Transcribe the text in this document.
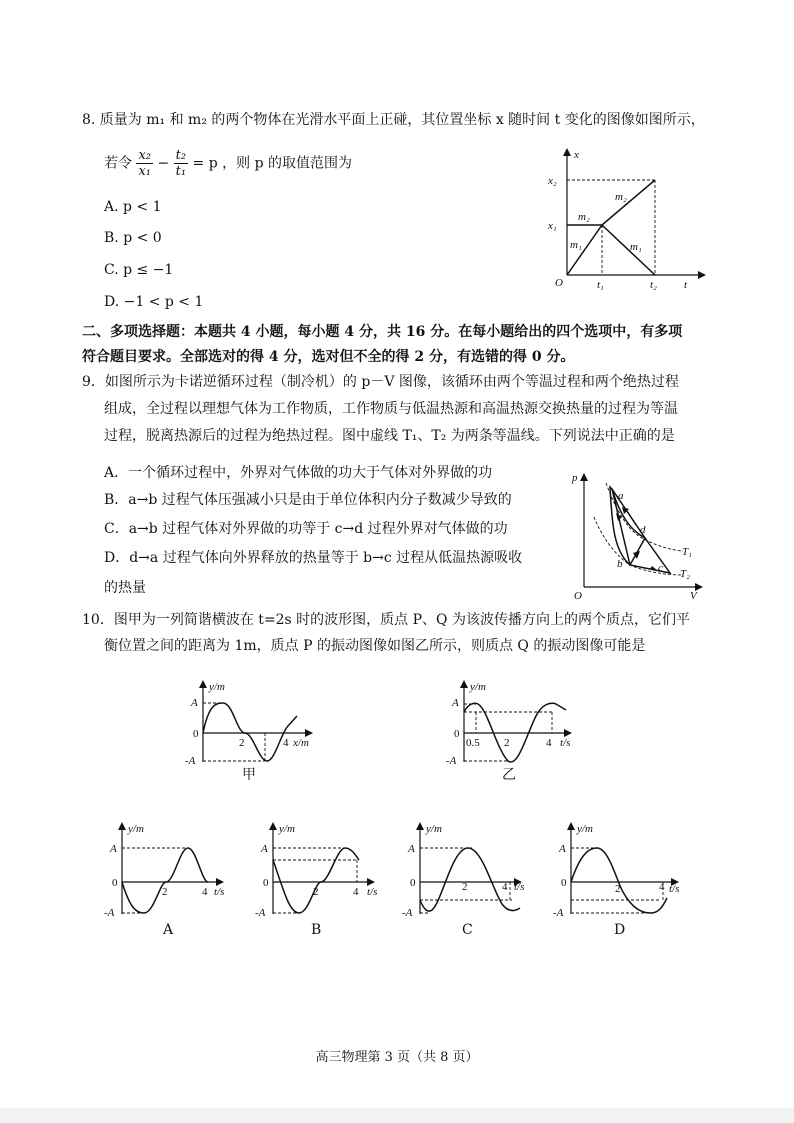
8. 质量为 m₁ 和 m₂ 的两个物体在光滑水平面上正碰，其位置坐标 x 随时间 t 变化的图像如图所示，
若令 $\frac{\text{x₂}}{\text{x₁}} - \frac{\text{t₂}}{\text{t₁}} = p$ ，则 p 的取值范围为
A. p < 1
B. p < 0
C. p ≤ −1
D. −1 < p < 1
x
t
O
x₂
x₁
t₁	t₂
m₂
m₂
m₁	m₁
二、多项选择题：本题共 4 小题，每小题 4 分，共 16 分。在每小题给出的四个选项中，有多项
符合题目要求。全部选对的得 4 分，选对但不全的得 2 分，有选错的得 0 分。
9．如图所示为卡诺逆循环过程（制冷机）的 p－V 图像，该循环由两个等温过程和两个绝热过程
组成，全过程以理想气体为工作物质，工作物质与低温热源和高温热源交换热量的过程为等温
过程，脱离热源后的过程为绝热过程。图中虚线 T₁、T₂ 为两条等温线。下列说法中正确的是
A．一个循环过程中，外界对气体做的功大于气体对外界做的功
B．a→b 过程气体压强减小只是由于单位体积内分子数减少导致的
C．a→b 过程气体对外界做的功等于 c→d 过程外界对气体做的功
D．d→a 过程气体向外界释放的热量等于 b→c 过程从低温热源吸收
的热量
p
V
O
a
d
b	c
T₁
T₂
10．图甲为一列简谐横波在 t=2s 时的波形图，质点 P、Q 为该波传播方向上的两个质点，它们平
衡位置之间的距离为 1m，质点 P 的振动图像如图乙所示，则质点 Q 的振动图像可能是
y/m
x/m
A
-A
0
2	4
甲
y/m
t/s
A
-A
0
0.5 2	4
乙
y/m
t/s
A
-A
0
2	4
A
y/m
t/s
A
-A
0
2	4
B
y/m
t/s
A
-A
0	2	4
C
y/m
t/s
A
-A
0	2	4
D
高三物理第 3 页（共 8 页）
